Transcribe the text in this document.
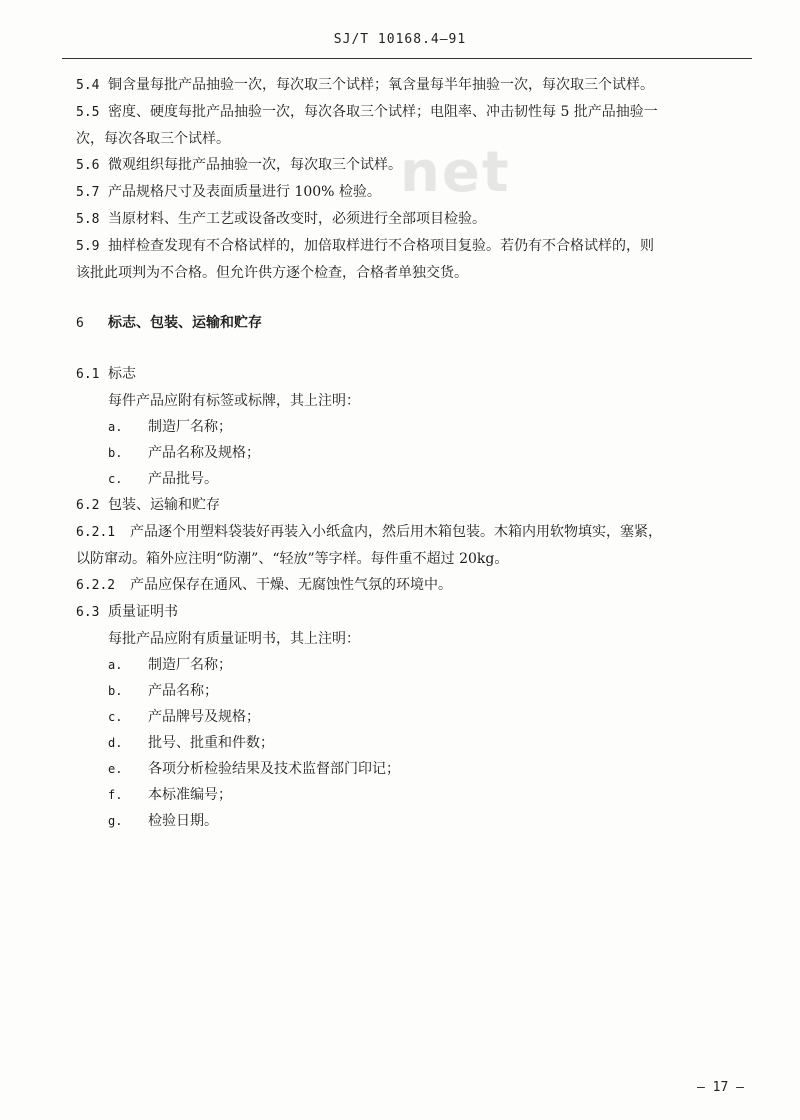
SJ/T 10168.4—91
net
5.4 铜含量每批产品抽验一次，每次取三个试样；氧含量每半年抽验一次，每次取三个试样。
5.5 密度、硬度每批产品抽验一次，每次各取三个试样；电阻率、冲击韧性每 5 批产品抽验一
次，每次各取三个试样。
5.6 微观组织每批产品抽验一次，每次取三个试样。
5.7 产品规格尺寸及表面质量进行 100% 检验。
5.8 当原材料、生产工艺或设备改变时，必须进行全部项目检验。
5.9 抽样检查发现有不合格试样的，加倍取样进行不合格项目复验。若仍有不合格试样的，则
该批此项判为不合格。但允许供方逐个检查，合格者单独交货。
6 标志、包装、运输和贮存
6.1 标志
每件产品应附有标签或标牌，其上注明：
a. 制造厂名称；
b. 产品名称及规格；
c. 产品批号。
6.2 包装、运输和贮存
6.2.1 产品逐个用塑料袋装好再装入小纸盒内，然后用木箱包装。木箱内用软物填实，塞紧，
以防窜动。箱外应注明“防潮”、“轻放”等字样。每件重不超过 20kg。
6.2.2 产品应保存在通风、干燥、无腐蚀性气氛的环境中。
6.3 质量证明书
每批产品应附有质量证明书，其上注明：
a. 制造厂名称；
b. 产品名称；
c. 产品牌号及规格；
d. 批号、批重和件数；
e. 各项分析检验结果及技术监督部门印记；
f. 本标准编号；
g. 检验日期。
— 17 —
